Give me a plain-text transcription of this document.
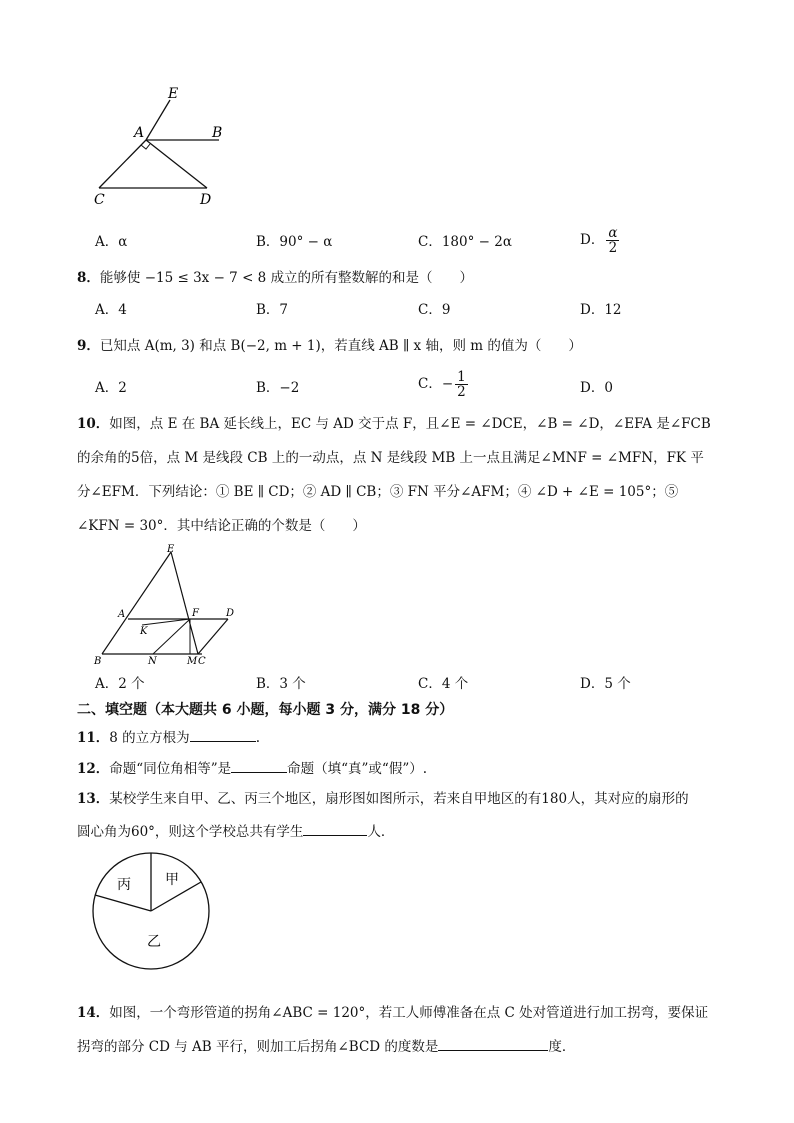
E
A	B
C	D
A．α	B．90° − α	C．180° − 2α	D． $\frac{\alpha}{2}$
8．能够使 −15 ≤ 3x − 7 < 8 成立的所有整数解的和是（　　）
A．4	B．7	C．9	D．12
9．已知点 A(m, 3) 和点 B(−2, m + 1)，若直线 AB ∥ x 轴，则 m 的值为（　　）
A．2	B．−2	C．− $\frac{1}{2}$	D．0
10．如图，点 E 在 BA 延长线上，EC 与 AD 交于点 F，且∠E = ∠DCE，∠B = ∠D，∠EFA 是∠FCB
的余角的5倍，点 M 是线段 CB 上的一动点，点 N 是线段 MB 上一点且满足∠MNF = ∠MFN，FK 平
分∠EFM．下列结论：① BE ∥ CD；② AD ∥ CB；③ FN 平分∠AFM；④ ∠D + ∠E = 105°；⑤
∠KFN = 30°．其中结论正确的个数是（　　）
E
A	F	D
K
B	N	M C
A．2 个	B．3 个	C．4 个	D．5 个
二、填空题（本大题共 6 小题，每小题 3 分，满分 18 分）
11．8 的立方根为	.
12．命题“同位角相等”是	命题（填“真”或“假”）.
13．某校学生来自甲、乙、丙三个地区，扇形图如图所示，若来自甲地区的有180人，其对应的扇形的
圆心角为60°，则这个学校总共有学生	人．
丙 甲
乙
14．如图，一个弯形管道的拐角∠ABC = 120°，若工人师傅准备在点 C 处对管道进行加工拐弯，要保证
拐弯的部分 CD 与 AB 平行，则加工后拐角∠BCD 的度数是	度．
